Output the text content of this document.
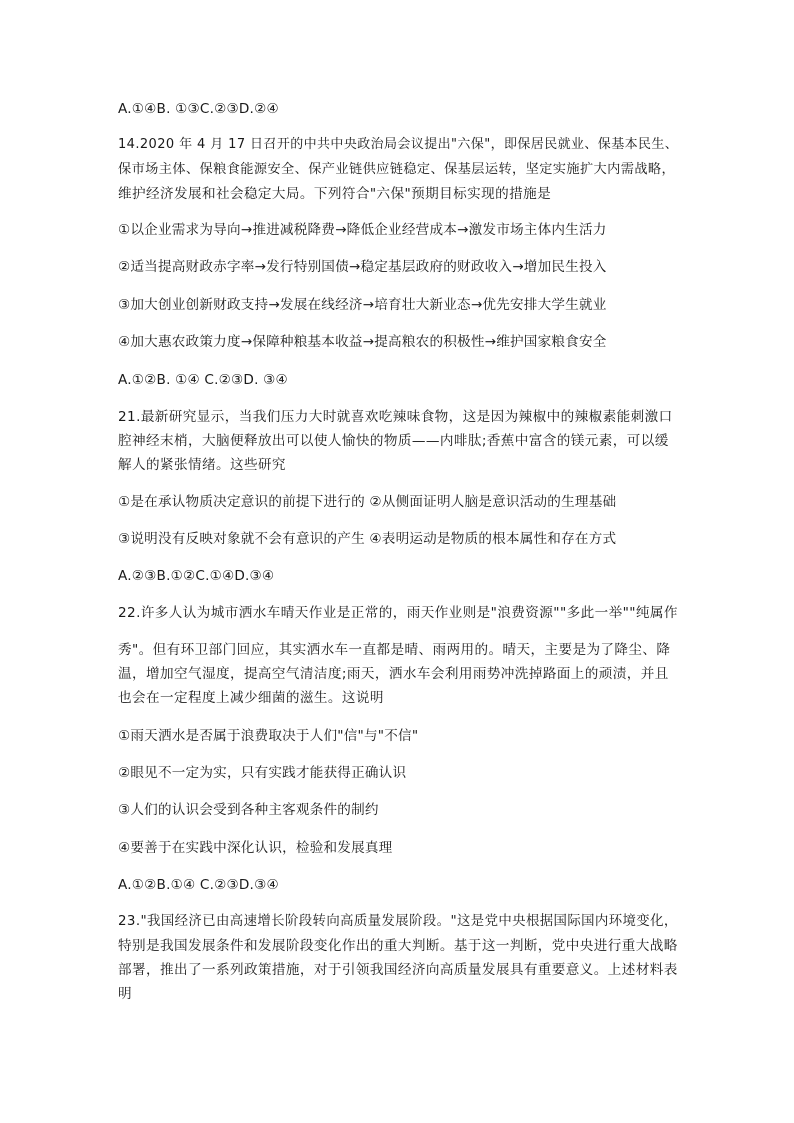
A.①④B. ①③C.②③D.②④
14.2020 年 4 月 17 日召开的中共中央政治局会议提出"六保"，即保居民就业、保基本民生、
保市场主体、保粮食能源安全、保产业链供应链稳定、保基层运转，坚定实施扩大内需战略，
维护经济发展和社会稳定大局。下列符合"六保"预期目标实现的措施是
①以企业需求为导向→推进减税降费→降低企业经营成本→激发市场主体内生活力
②适当提高财政赤字率→发行特别国债→稳定基层政府的财政收入→增加民生投入
③加大创业创新财政支持→发展在线经济→培育壮大新业态→优先安排大学生就业
④加大惠农政策力度→保障种粮基本收益→提高粮农的积极性→维护国家粮食安全
A.①②B. ①④ C.②③D. ③④
21.最新研究显示，当我们压力大时就喜欢吃辣味食物，这是因为辣椒中的辣椒素能刺激口
腔神经末梢，大脑便释放出可以使人愉快的物质——内啡肽;香蕉中富含的镁元素，可以缓
解人的紧张情绪。这些研究
①是在承认物质决定意识的前提下进行的 ②从侧面证明人脑是意识活动的生理基础
③说明没有反映对象就不会有意识的产生 ④表明运动是物质的根本属性和存在方式
A.②③B.①②C.①④D.③④
22.许多人认为城市洒水车晴天作业是正常的，雨天作业则是"浪费资源""多此一举""纯属作
秀"。但有环卫部门回应，其实洒水车一直都是晴、雨两用的。晴天，主要是为了降尘、降
温，增加空气湿度，提高空气清洁度;雨天，洒水车会利用雨势冲洗掉路面上的顽渍，并且
也会在一定程度上减少细菌的滋生。这说明
①雨天洒水是否属于浪费取决于人们"信"与"不信"
②眼见不一定为实，只有实践才能获得正确认识
③人们的认识会受到各种主客观条件的制约
④要善于在实践中深化认识，检验和发展真理
A.①②B.①④ C.②③D.③④
23."我国经济已由高速增长阶段转向高质量发展阶段。"这是党中央根据国际国内环境变化，
特别是我国发展条件和发展阶段变化作出的重大判断。基于这一判断，党中央进行重大战略
部署，推出了一系列政策措施，对于引领我国经济向高质量发展具有重要意义。上述材料表
明
